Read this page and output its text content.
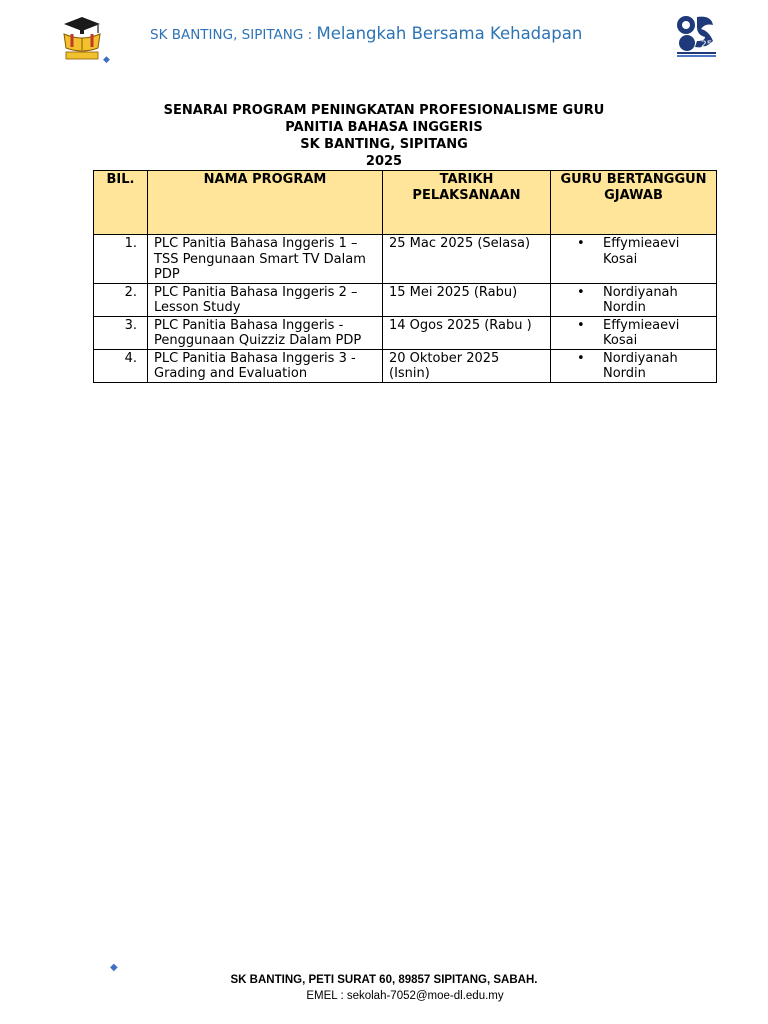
◆
SK BANTING, SIPITANG : Melangkah Bersama Kehadapan
25
SENARAI PROGRAM PENINGKATAN PROFESIONALISME GURU
PANITIA BAHASA INGGERIS
SK BANTING, SIPITANG
2025
BIL.	NAMA PROGRAM	TARIKH PELAKSANAAN	GURU BERTANGGUNGJAWAB
1.	PLC Panitia Bahasa Inggeris 1 – TSS Pengunaan Smart TV Dalam PDP	25 Mac 2025 (Selasa)	• Effymieaevi Kosai
2.	PLC Panitia Bahasa Inggeris 2 – Lesson Study	15 Mei 2025 (Rabu)	• Nordiyanah Nordin
3.	PLC Panitia Bahasa Inggeris - Penggunaan Quizziz Dalam PDP	14 Ogos 2025 (Rabu )	• Effymieaevi Kosai
4.	PLC Panitia Bahasa Inggeris 3 - Grading and Evaluation	20 Oktober 2025 (Isnin)	• Nordiyanah Nordin
◆
SK BANTING, PETI SURAT 60, 89857 SIPITANG, SABAH.
EMEL : sekolah-7052@moe-dl.edu.my
